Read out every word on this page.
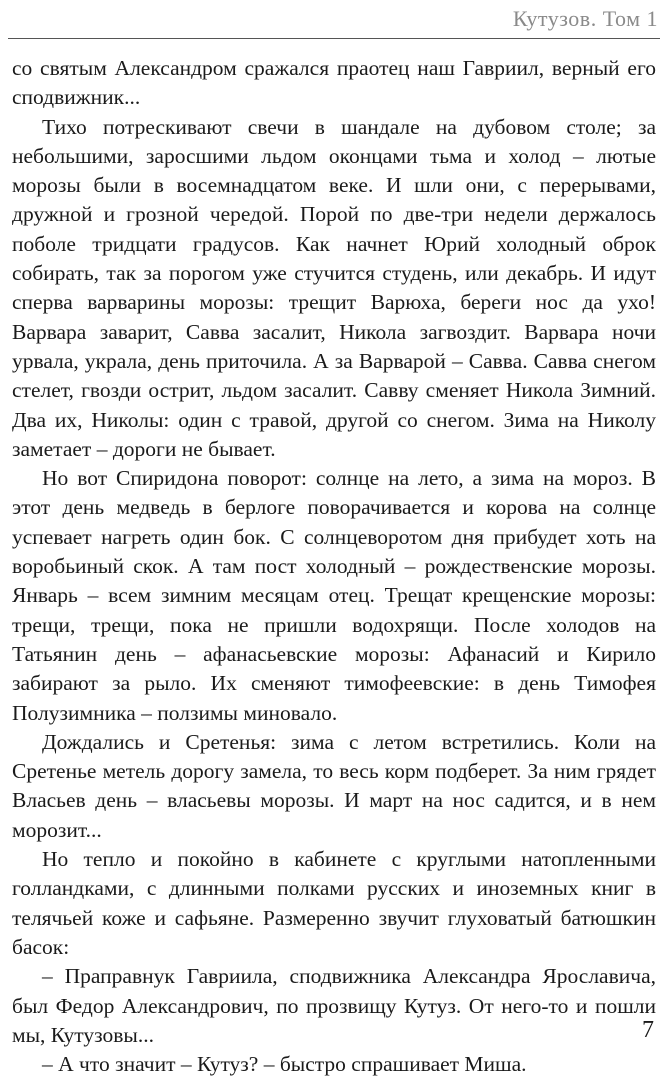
Кутузов. Том 1

со святым Александром сражался праотец наш Гавриил, верный его сподвижник...

Тихо потрескивают свечи в шандале на дубовом столе; за небольшими, заросшими льдом оконцами тьма и холод – лютые морозы были в восемнадцатом веке. И шли они, с перерывами, дружной и грозной чередой. Порой по две-три недели держалось поболе тридцати градусов. Как начнет Юрий холодный оброк собирать, так за порогом уже стучится студень, или декабрь. И идут сперва варварины морозы: трещит Варюха, береги нос да ухо! Варвара заварит, Савва засалит, Никола загвоздит. Варвара ночи урвала, украла, день приточила. А за Варварой – Савва. Савва снегом стелет, гвозди острит, льдом засалит. Савву сменяет Никола Зимний. Два их, Николы: один с травой, другой со снегом. Зима на Николу заметает – дороги не бывает.

Но вот Спиридона поворот: солнце на лето, а зима на мороз. В этот день медведь в берлоге поворачивается и корова на солнце успевает нагреть один бок. С солнцеворотом дня прибудет хоть на воробьиный скок. А там пост холодный – рождественские морозы. Январь – всем зимним месяцам отец. Трещат крещенские морозы: трещи, трещи, пока не пришли водохрящи. После холодов на Татьянин день – афанасьевские морозы: Афанасий и Кирило забирают за рыло. Их сменяют тимофеевские: в день Тимофея Полузимника – ползимы миновало.

Дождались и Сретенья: зима с летом встретились. Коли на Сретенье метель дорогу замела, то весь корм подберет. За ним грядет Власьев день – власьевы морозы. И март на нос садится, и в нем морозит...

Но тепло и покойно в кабинете с круглыми натопленными голландками, с длинными полками русских и иноземных книг в телячьей коже и сафьяне. Размеренно звучит глуховатый батюшкин басок:

– Праправнук Гавриила, сподвижника Александра Ярославича, был Федор Александрович, по прозвищу Кутуз. От него-то и пошли мы, Кутузовы...

– А что значит – Кутуз? – быстро спрашивает Миша.

7
